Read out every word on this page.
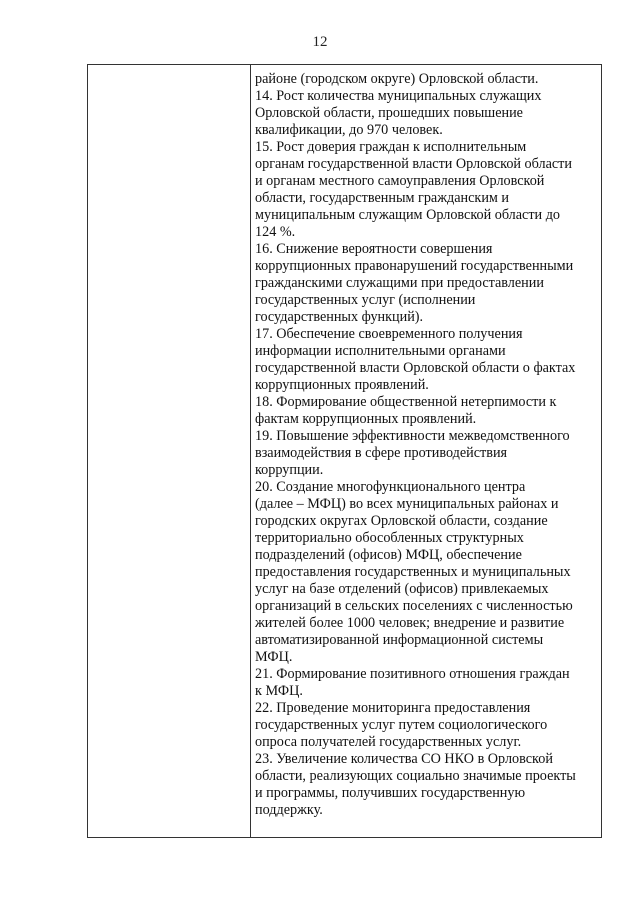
12
районе (городском округе) Орловской области.
14. Рост количества муниципальных служащих
Орловской области, прошедших повышение
квалификации, до 970 человек.
15. Рост доверия граждан к исполнительным
органам государственной власти Орловской области
и органам местного самоуправления Орловской
области, государственным гражданским и
муниципальным служащим Орловской области до
124 %.
16. Снижение вероятности совершения
коррупционных правонарушений государственными
гражданскими служащими при предоставлении
государственных услуг (исполнении
государственных функций).
17. Обеспечение своевременного получения
информации исполнительными органами
государственной власти Орловской области о фактах
коррупционных проявлений.
18. Формирование общественной нетерпимости к
фактам коррупционных проявлений.
19. Повышение эффективности межведомственного
взаимодействия в сфере противодействия
коррупции.
20. Создание многофункционального центра
(далее – МФЦ) во всех муниципальных районах и
городских округах Орловской области, создание
территориально обособленных структурных
подразделений (офисов) МФЦ, обеспечение
предоставления государственных и муниципальных
услуг на базе отделений (офисов) привлекаемых
организаций в сельских поселениях с численностью
жителей более 1000 человек; внедрение и развитие
автоматизированной информационной системы
МФЦ.
21. Формирование позитивного отношения граждан
к МФЦ.
22. Проведение мониторинга предоставления
государственных услуг путем социологического
опроса получателей государственных услуг.
23. Увеличение количества СО НКО в Орловской
области, реализующих социально значимые проекты
и программы, получивших государственную
поддержку.
